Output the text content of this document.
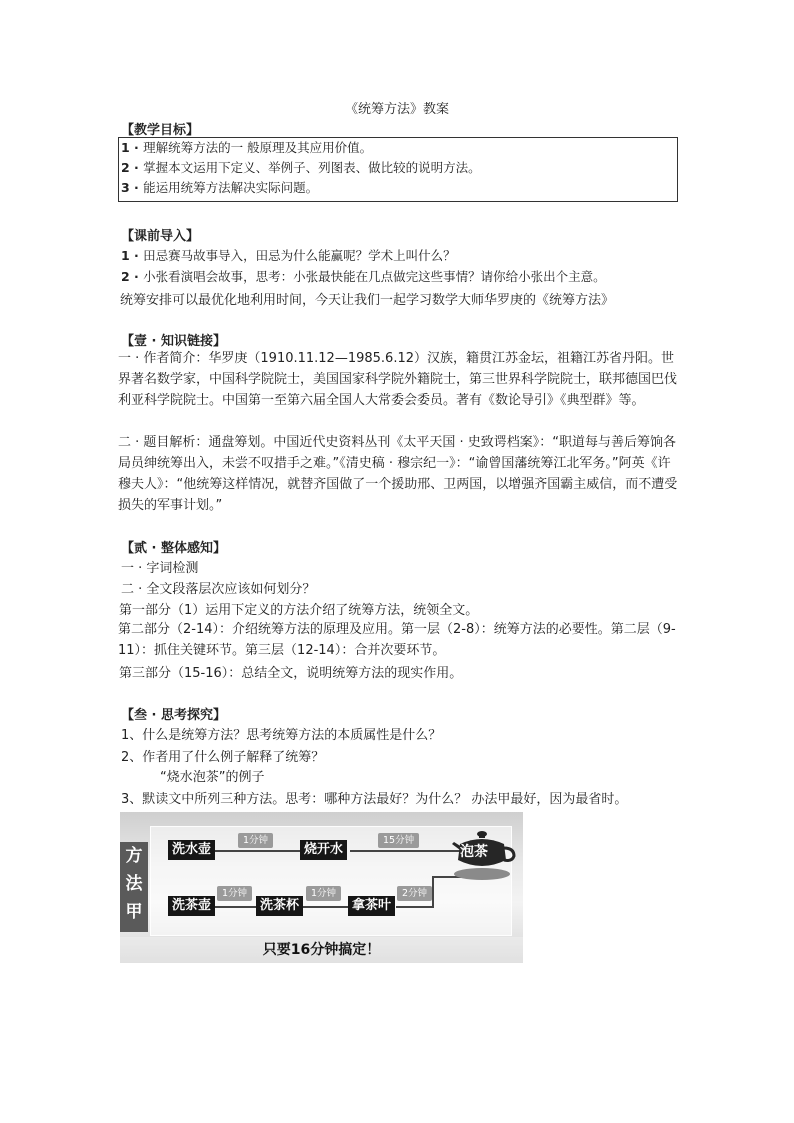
《统筹方法》教案
【教学目标】
1 · 理解统筹方法的一 般原理及其应用价值。
2 · 掌握本文运用下定义、举例子、列图表、做比较的说明方法。
3 · 能运用统筹方法解决实际问题。
【课前导入】
1 · 田忌赛马故事导入，田忌为什么能赢呢？学术上叫什么？
2 · 小张看演唱会故事，思考：小张最快能在几点做完这些事情？请你给小张出个主意。
统筹安排可以最优化地利用时间，今天让我们一起学习数学大师华罗庚的《统筹方法》
【壹 · 知识链接】
一 · 作者简介：华罗庚（1910.11.12—1985.6.12）汉族，籍贯江苏金坛，祖籍江苏省丹阳。世界著名数学家，中国科学院院士，美国国家科学院外籍院士，第三世界科学院院士，联邦德国巴伐利亚科学院院士。中国第一至第六届全国人大常委会委员。著有《数论导引》《典型群》等。
二 · 题目解析：通盘筹划。中国近代史资料丛刊《太平天国 · 史致谔档案》：“职道每与善后筹饷各局员绅统筹出入，未尝不叹措手之难。”《清史稿 · 穆宗纪一》：“谕曾国藩统筹江北军务。”阿英《许穆夫人》：“他统筹这样情况，就替齐国做了一个援助邢、卫两国，以增强齐国霸主威信，而不遭受损失的军事计划。”
【贰 · 整体感知】
一 · 字词检测
二 · 全文段落层次应该如何划分？
第一部分（1）运用下定义的方法介绍了统筹方法，统领全文。
第二部分（2-14）：介绍统筹方法的原理及应用。第一层（2-8）：统筹方法的必要性。第二层（9-11）：抓住关键环节。第三层（12-14）：合并次要环节。
第三部分（15-16）：总结全文，说明统筹方法的现实作用。
【叁 · 思考探究】
1、什么是统筹方法？思考统筹方法的本质属性是什么？
2、作者用了什么例子解释了统筹？
“烧水泡茶”的例子
3、默读文中所列三种方法。思考：哪种方法最好？为什么？ 办法甲最好，因为最省时。
方
法
甲
洗水壶	烧开水
洗茶壶	洗茶杯	拿茶叶
1分钟	15分钟
1分钟	1分钟	2分钟
泡茶
只要16分钟搞定！
